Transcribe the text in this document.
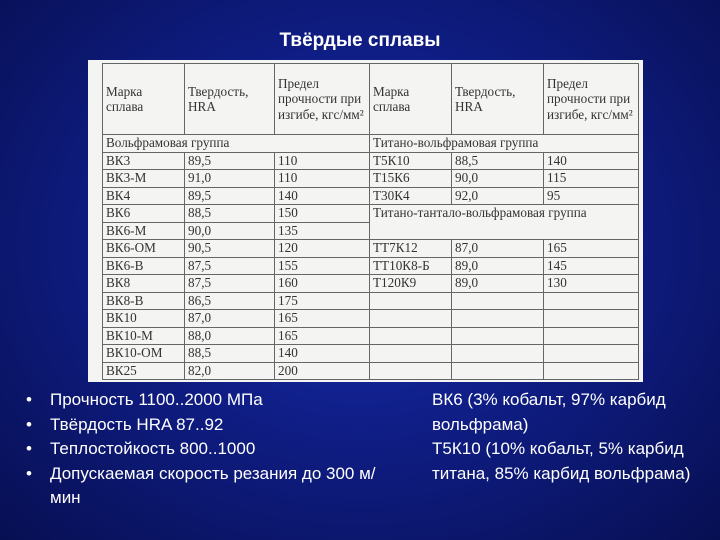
Твёрдые сплавы
Марка сплава	Твердость, HRA	Предел прочности при изгибе, кгс/мм²	Марка сплава	Твердость, HRA	Предел прочности при изгибе, кгс/мм²
Вольфрамовая группа			Титано-вольфрамовая группа		
ВК3	89,5	110	Т5К10	88,5	140
ВК3-М	91,0	110	Т15К6	90,0	115
ВК4	89,5	140	Т30К4	92,0	95
ВК6	88,5	150	Титано-тантало-вольфрамовая группа		
ВК6-М	90,0	135			
ВК6-ОМ	90,5	120	ТТ7К12	87,0	165
ВК6-В	87,5	155	ТТ10К8-Б	89,0	145
ВК8	87,5	160	Т120К9	89,0	130
ВК8-В	86,5	175			
ВК10	87,0	165			
ВК10-М	88,0	165			
ВК10-ОМ	88,5	140			
ВК25	82,0	200			
• Прочность 1100..2000 МПа
• Твёрдость HRA 87..92
• Теплостойкость 800..1000
• Допускаемая скорость резания до 300 м/мин
ВК6 (3% кобальт, 97% карбид вольфрама)
Т5К10 (10% кобальт, 5% карбид титана, 85% карбид вольфрама)
